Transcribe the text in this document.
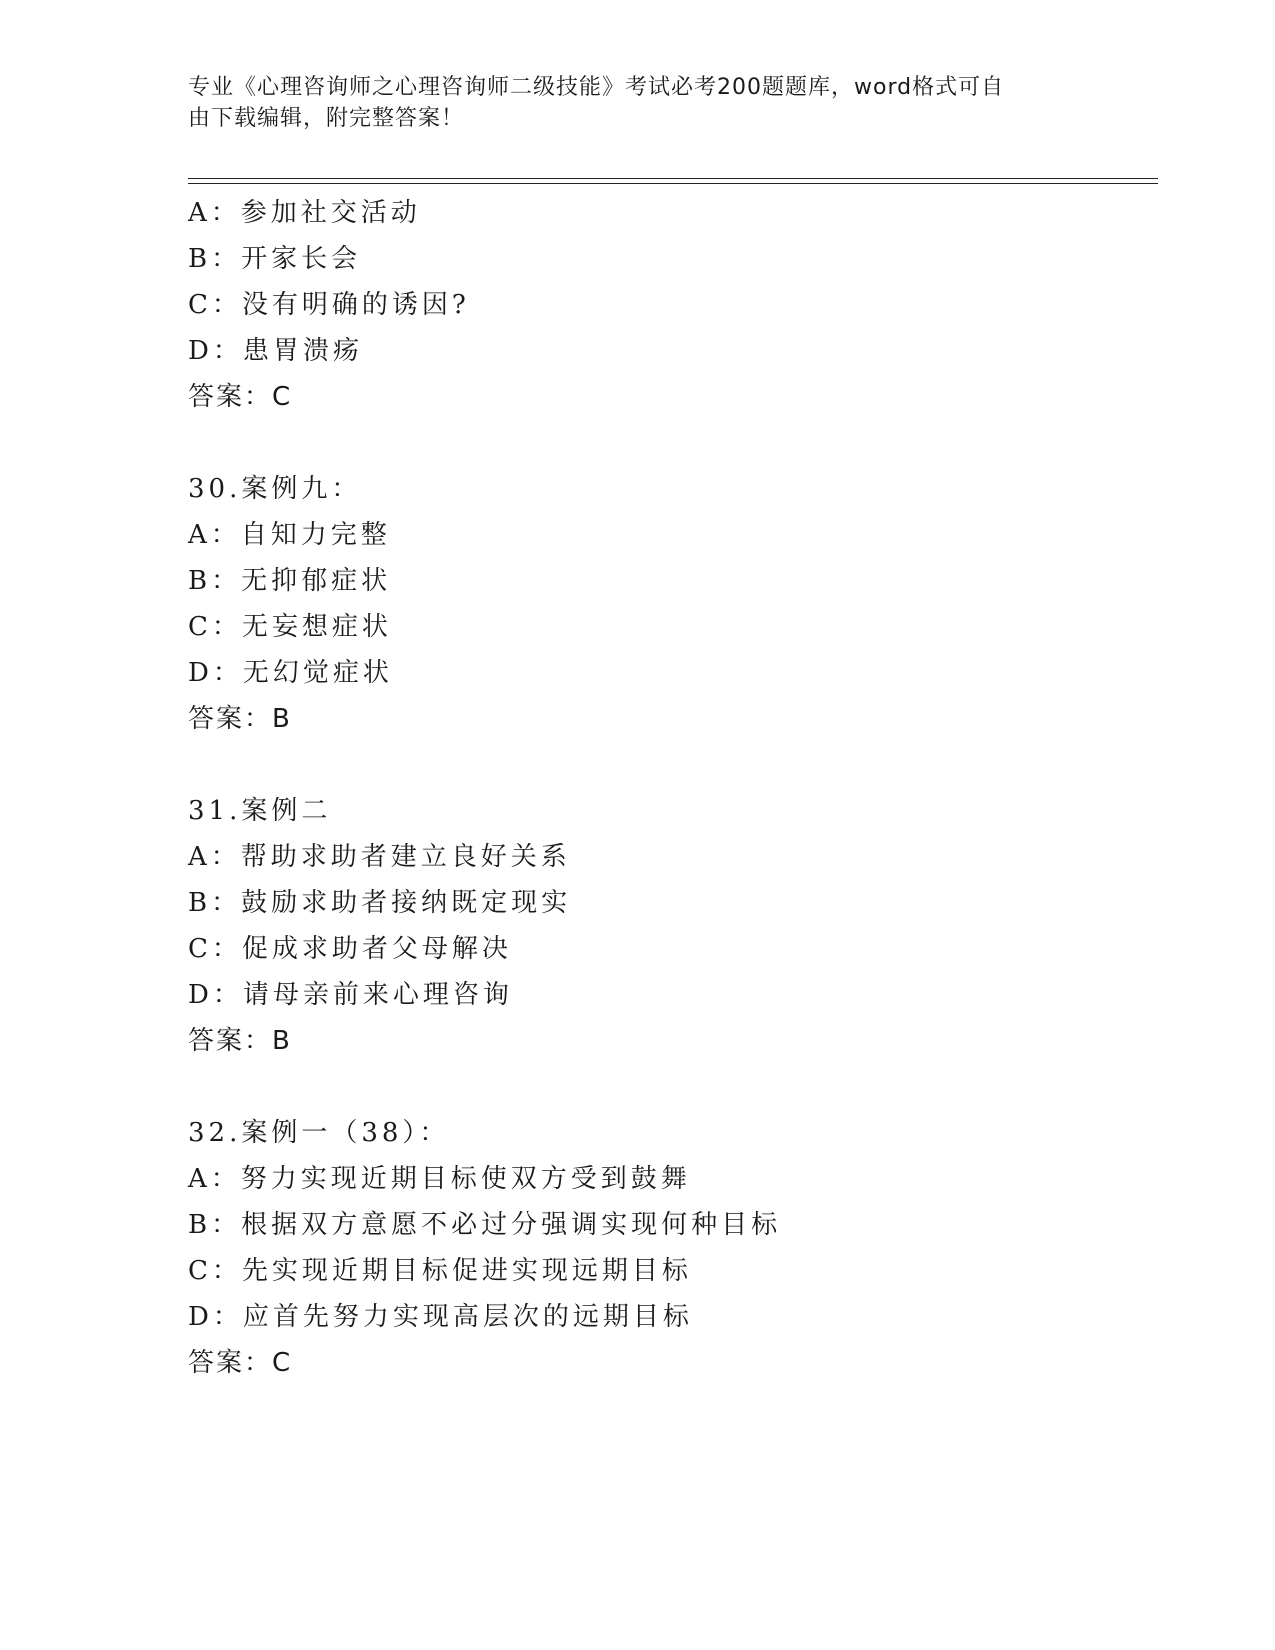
专业《心理咨询师之心理咨询师二级技能》考试必考200题题库，word格式可自
由下载编辑，附完整答案！
A：参加社交活动
B：开家长会
C：没有明确的诱因?
D：患胃溃疡
答案：C
30.案例九：
A：自知力完整
B：无抑郁症状
C：无妄想症状
D：无幻觉症状
答案：B
31.案例二
A：帮助求助者建立良好关系
B：鼓励求助者接纳既定现实
C：促成求助者父母解决
D：请母亲前来心理咨询
答案：B
32.案例一（38）：
A：努力实现近期目标使双方受到鼓舞
B：根据双方意愿不必过分强调实现何种目标
C：先实现近期目标促进实现远期目标
D：应首先努力实现高层次的远期目标
答案：C
